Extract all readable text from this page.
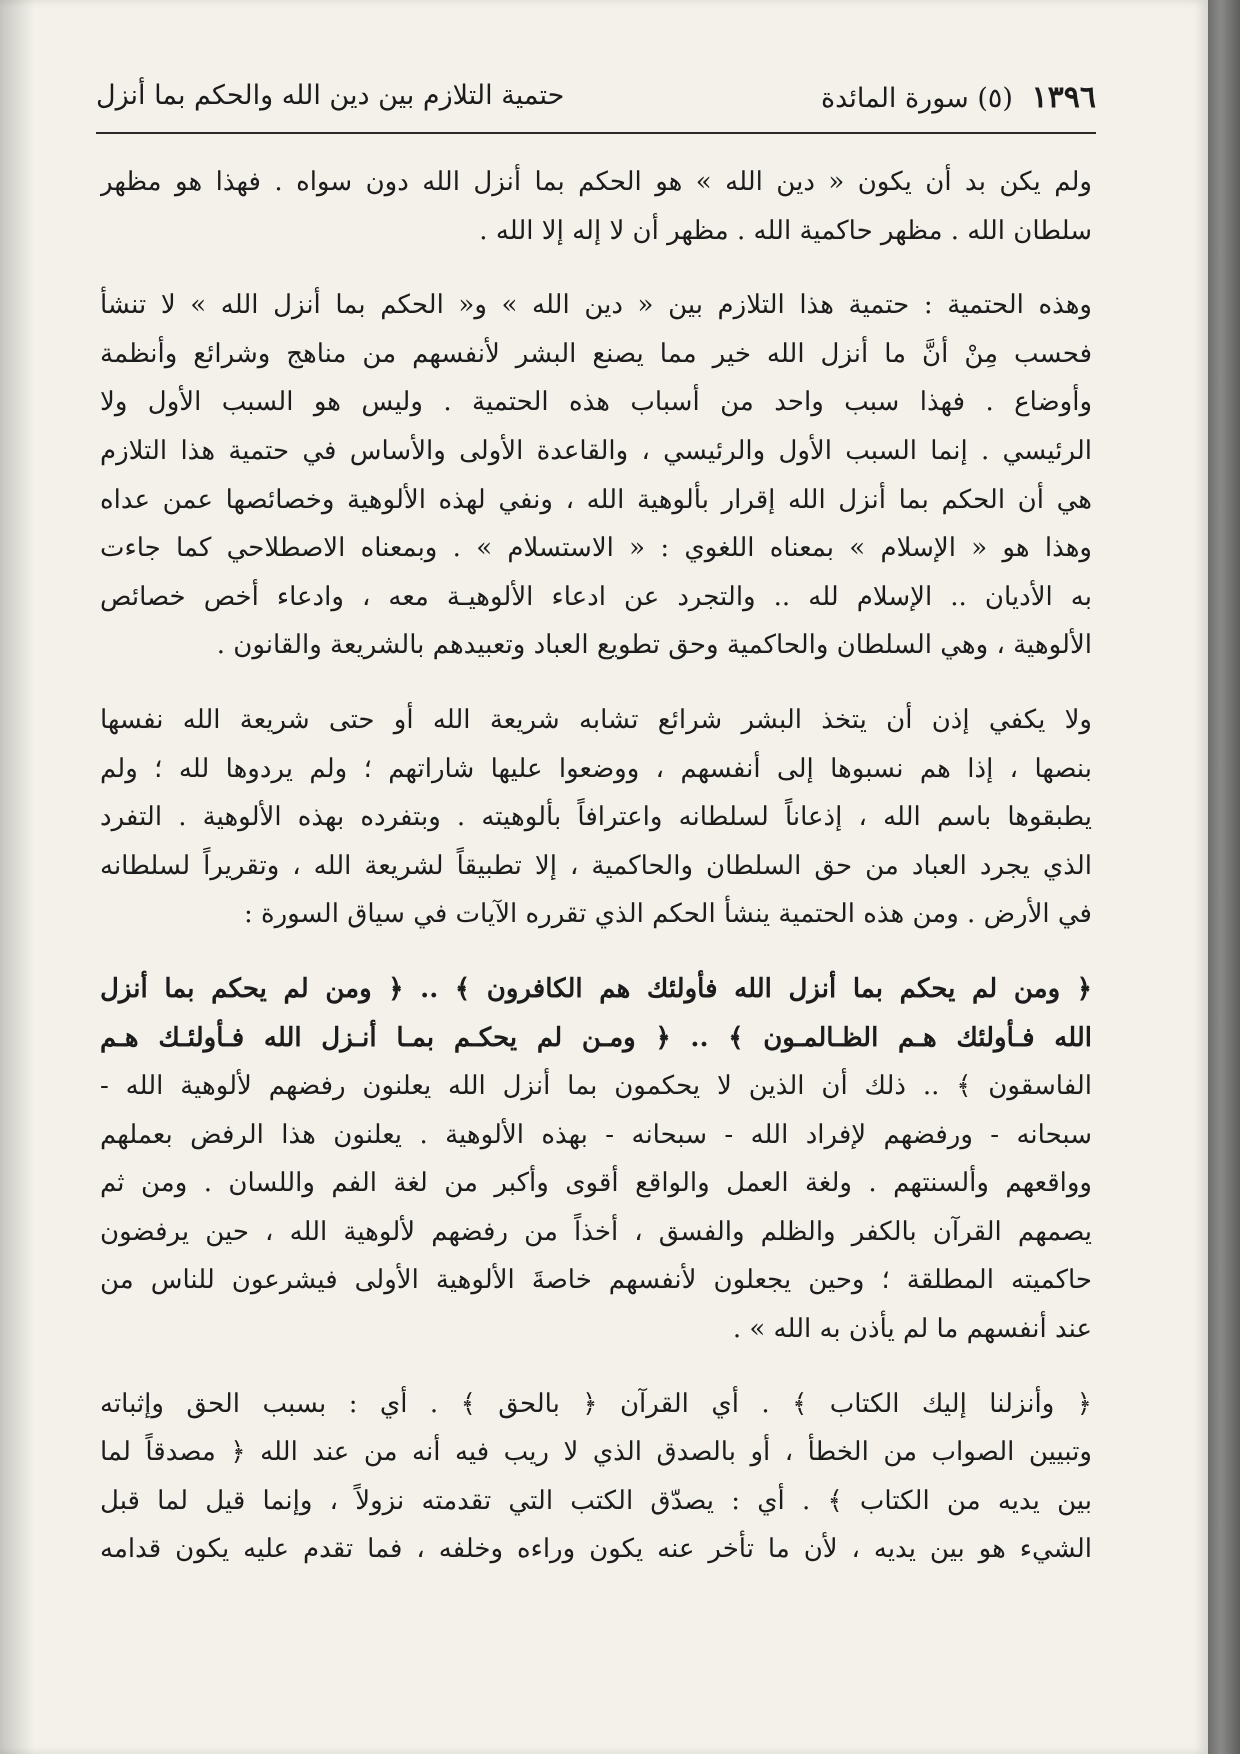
١٣٩٦ (٥) سورة المائدة
حتمية التلازم بين دين الله والحكم بما أنزل
ولم يكن بد أن يكون « دين الله » هو الحكم بما أنزل الله دون سواه . فهذا هو مظهر
سلطان الله . مظهر حاكمية الله . مظهر أن لا إله إلا الله .
وهذه الحتمية : حتمية هذا التلازم بين « دين الله » و« الحكم بما أنزل الله » لا تنشأ
فحسب مِنْ أنَّ ما أنزل الله خير مما يصنع البشر لأنفسهم من مناهج وشرائع وأنظمة
وأوضاع . فهذا سبب واحد من أسباب هذه الحتمية . وليس هو السبب الأول ولا
الرئيسي . إنما السبب الأول والرئيسي ، والقاعدة الأولى والأساس في حتمية هذا التلازم
هي أن الحكم بما أنزل الله إقرار بألوهية الله ، ونفي لهذه الألوهية وخصائصها عمن عداه
وهذا هو « الإسلام » بمعناه اللغوي : « الاستسلام » . وبمعناه الاصطلاحي كما جاءت
به الأديان .. الإسلام لله .. والتجرد عن ادعاء الألوهيـة معه ، وادعاء أخص خصائص
الألوهية ، وهي السلطان والحاكمية وحق تطويع العباد وتعبيدهم بالشريعة والقانون .
ولا يكفي إذن أن يتخذ البشر شرائع تشابه شريعة الله أو حتى شريعة الله نفسها
بنصها ، إذا هم نسبوها إلى أنفسهم ، ووضعوا عليها شاراتهم ؛ ولم يردوها لله ؛ ولم
يطبقوها باسم الله ، إذعاناً لسلطانه واعترافاً بألوهيته . وبتفرده بهذه الألوهية . التفرد
الذي يجرد العباد من حق السلطان والحاكمية ، إلا تطبيقاً لشريعة الله ، وتقريراً لسلطانه
في الأرض . ومن هذه الحتمية ينشأ الحكم الذي تقرره الآيات في سياق السورة :
﴿ ومن لم يحكم بما أنزل الله فأولئك هم الكافرون ﴾ .. ﴿ ومن لم يحكم بما أنزل
الله فـأولئك هـم الظـالمـون ﴾ .. ﴿ ومـن لم يحكـم بمـا أنـزل الله فـأولئـك هـم
الفاسقون ﴾ .. ذلك أن الذين لا يحكمون بما أنزل الله يعلنون رفضهم لألوهية الله -
سبحانه - ورفضهم لإفراد الله - سبحانه - بهذه الألوهية . يعلنون هذا الرفض بعملهم
وواقعهم وألسنتهم . ولغة العمل والواقع أقوى وأكبر من لغة الفم واللسان . ومن ثم
يصمهم القرآن بالكفر والظلم والفسق ، أخذاً من رفضهم لألوهية الله ، حين يرفضون
حاكميته المطلقة ؛ وحين يجعلون لأنفسهم خاصةَ الألوهية الأولى فيشرعون للناس من
عند أنفسهم ما لم يأذن به الله » .
﴿ وأنزلنا إليك الكتاب ﴾ . أي القرآن ﴿ بالحق ﴾ . أي : بسبب الحق وإثباته
وتبيين الصواب من الخطأ ، أو بالصدق الذي لا ريب فيه أنه من عند الله ﴿ مصدقاً لما
بين يديه من الكتاب ﴾ . أي : يصدّق الكتب التي تقدمته نزولاً ، وإنما قيل لما قبل
الشيء هو بين يديه ، لأن ما تأخر عنه يكون وراءه وخلفه ، فما تقدم عليه يكون قدامه
